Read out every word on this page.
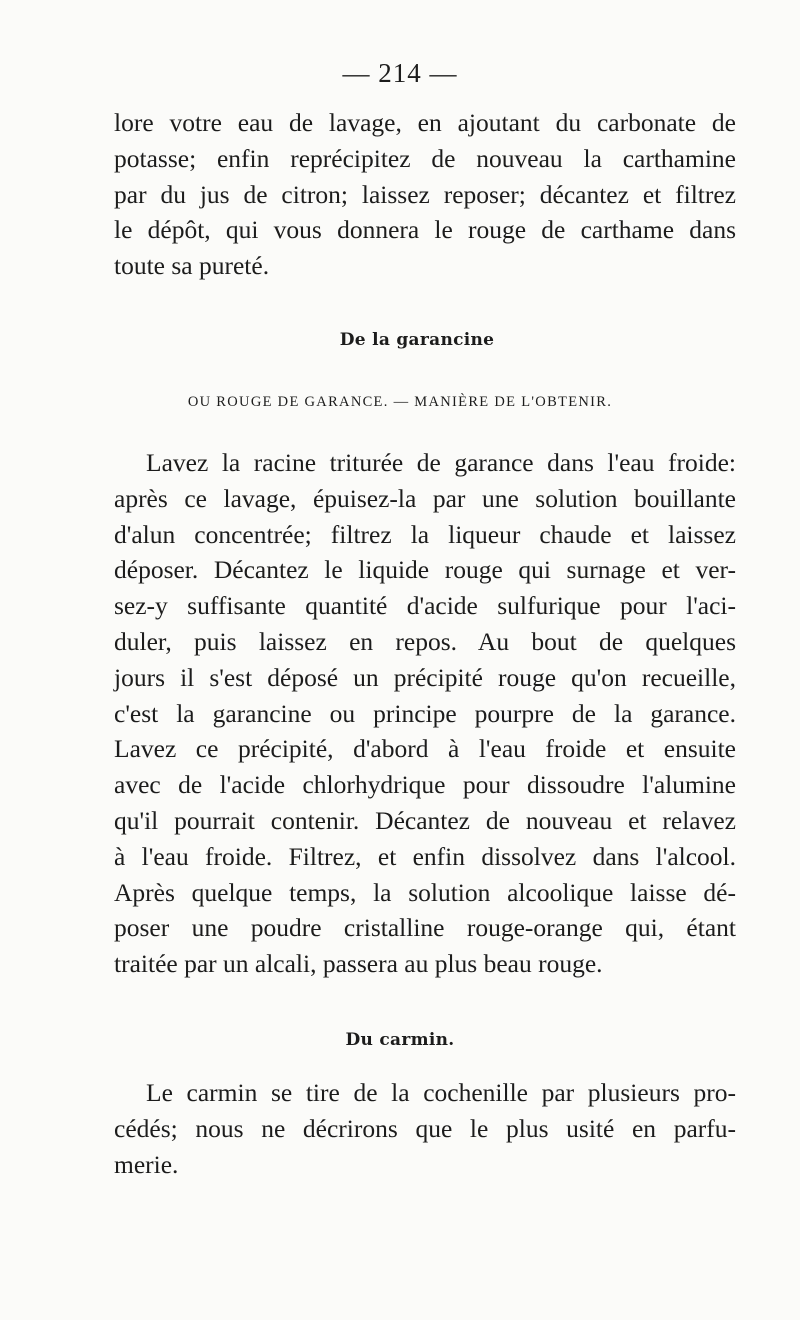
— 214 —
lore votre eau de lavage, en ajoutant du carbonate de
potasse; enfin reprécipitez de nouveau la carthamine
par du jus de citron; laissez reposer; décantez et filtrez
le dépôt, qui vous donnera le rouge de carthame dans
toute sa pureté.
De la garancine
OU ROUGE DE GARANCE. — MANIÈRE DE L'OBTENIR.
Lavez la racine triturée de garance dans l'eau froide:
après ce lavage, épuisez-la par une solution bouillante
d'alun concentrée; filtrez la liqueur chaude et laissez
déposer. Décantez le liquide rouge qui surnage et ver-
sez-y suffisante quantité d'acide sulfurique pour l'aci-
duler, puis laissez en repos. Au bout de quelques
jours il s'est déposé un précipité rouge qu'on recueille,
c'est la garancine ou principe pourpre de la garance.
Lavez ce précipité, d'abord à l'eau froide et ensuite
avec de l'acide chlorhydrique pour dissoudre l'alumine
qu'il pourrait contenir. Décantez de nouveau et relavez
à l'eau froide. Filtrez, et enfin dissolvez dans l'alcool.
Après quelque temps, la solution alcoolique laisse dé-
poser une poudre cristalline rouge-orange qui, étant
traitée par un alcali, passera au plus beau rouge.
Du carmin.
Le carmin se tire de la cochenille par plusieurs pro-
cédés; nous ne décrirons que le plus usité en parfu-
merie.
